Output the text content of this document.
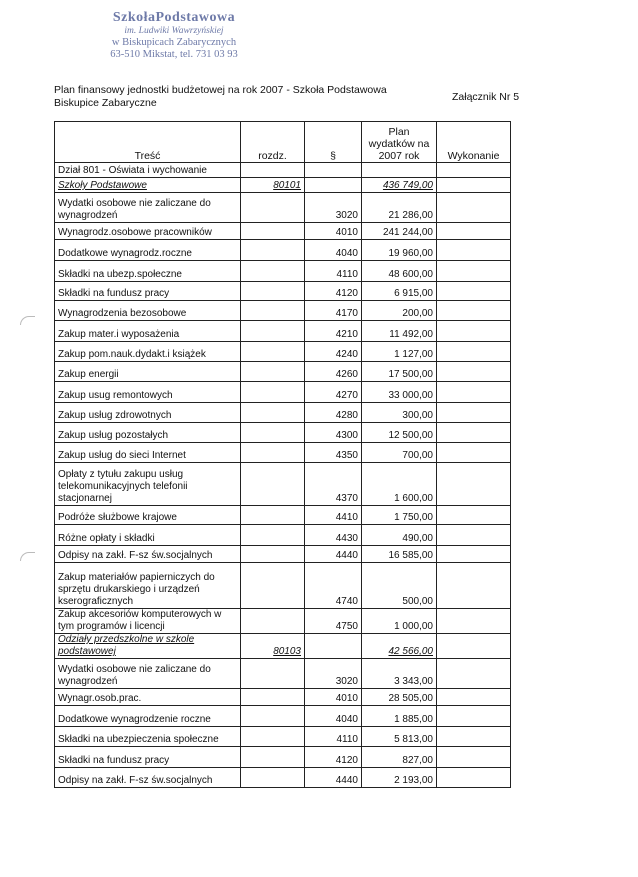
SzkołaPodstawowa
im. Ludwiki Wawrzyńskiej
w Biskupicach Zabaryczn​ych
63-510 Mikstat, tel. 731 03 93
Plan finansowy jednostki budżetowej na rok 2007 - Szkoła Podstawowa Biskupice Zabaryczne	Załącznik Nr 5
Treść	rozdz.	§	Plan wydatków na 2007 rok	Wykonanie
Dział 801 - Oświata i wychowanie				
Szkoły Podstawowe	80101		436 749,00	
Wydatki osobowe nie zaliczane do wynagrodzeń		3020	21 286,00	
Wynagrodz.osobowe pracowników		4010	241 244,00	
Dodatkowe wynagrodz.roczne		4040	19 960,00	
Składki na ubezp.społeczne		4110	48 600,00	
Składki na fundusz pracy		4120	6 915,00	
Wynagrodzenia bezosobowe		4170	200,00	
Zakup mater.i wyposażenia		4210	11 492,00	
Zakup pom.nauk.dydakt.i książek		4240	1 127,00	
Zakup energii		4260	17 500,00	
Zakup usug remontowych		4270	33 000,00	
Zakup usług zdrowotnych		4280	300,00	
Zakup usług pozostałych		4300	12 500,00	
Zakup usług do sieci Internet		4350	700,00	
Opłaty z tytułu zakupu usług telekomunikacyjnych telefonii stacjonarnej		4370	1 600,00	
Podróże służbowe krajowe		4410	1 750,00	
Różne opłaty i składki		4430	490,00	
Odpisy na zakł. F-sz św.socjalnych		4440	16 585,00	
Zakup materiałów papierniczych do sprzętu drukarskiego i urządzeń kserograficznych		4740	500,00	
Zakup akcesoriów komputerowych w tym programów i licencji		4750	1 000,00	
Odziały przedszkolne w szkole podstawowej	80103		42 566,00	
Wydatki osobowe nie zaliczane do wynagrodzeń		3020	3 343,00	
Wynagr.osob.prac.		4010	28 505,00	
Dodatkowe wynagrodzenie roczne		4040	1 885,00	
Składki na ubezpieczenia społeczne		4110	5 813,00	
Składki na fundusz pracy		4120	827,00	
Odpisy na zakł. F-sz św.socjalnych		4440	2 193,00	
